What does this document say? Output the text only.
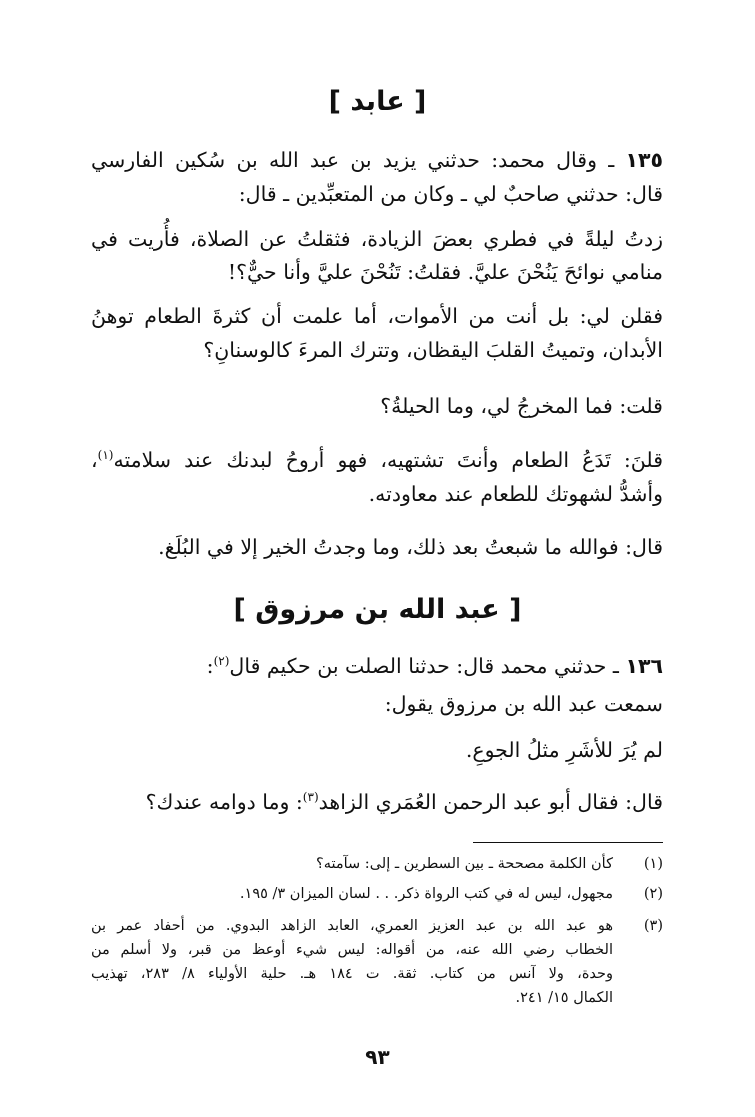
[ عابد ]
١٣٥ ـ وقال محمد: حدثني يزيد بن عبد الله بن سُكين الفارسي
قال: حدثني صاحبٌ لي ـ وكان من المتعبِّدين ـ قال:
زدتُ ليلةً في فطري بعضَ الزيادة، فثقلتُ عن الصلاة، فأُريت في
منامي نوائحَ يَنُحْنَ عليَّ. فقلتُ: تَنُحْنَ عليَّ وأنا حيٌّ؟!
فقلن لي: بل أنت من الأموات، أما علمت أن كثرةَ الطعام توهنُ
الأبدان، وتميتُ القلبَ اليقظان، وتترك المرءَ كالوسنانِ؟
قلت: فما المخرجُ لي، وما الحيلةُ؟
قلنَ: تَدَعُ الطعام وأنتَ تشتهيه، فهو أروحُ لبدنك عند سلامته$^{(١)}$،
وأشدُّ لشهوتك للطعام عند معاودته.
قال: فوالله ما شبعتُ بعد ذلك، وما وجدتُ الخير إلا في البُلَغ.
[ عبد الله بن مرزوق ]
١٣٦ ـ حدثني محمد قال: حدثنا الصلت بن حكيم قال$^{(٢)}$:
سمعت عبد الله بن مرزوق يقول:
لم يُرَ للأشَرِ مثلُ الجوعِ.
قال: فقال أبو عبد الرحمن العُمَري الزاهد$^{(٣)}$: وما دوامه عندك؟
(١)
كأن الكلمة مصححة ـ بين السطرين ـ إلى: سآمته؟
(٢)
مجهول، ليس له في كتب الرواة ذكر. . . لسان الميزان ٣/ ١٩٥.
(٣)
هو عبد الله بن عبد العزيز العمري، العابد الزاهد البدوي. من أحفاد عمر بن
الخطاب رضي الله عنه، من أقواله: ليس شيء أوعظ من قبر، ولا أسلم من
وحدة، ولا آنس من كتاب. ثقة. ت ١٨٤ هـ. حلية الأولياء ٨/ ٢٨٣، تهذيب
الكمال ١٥/ ٢٤١.
٩٣
